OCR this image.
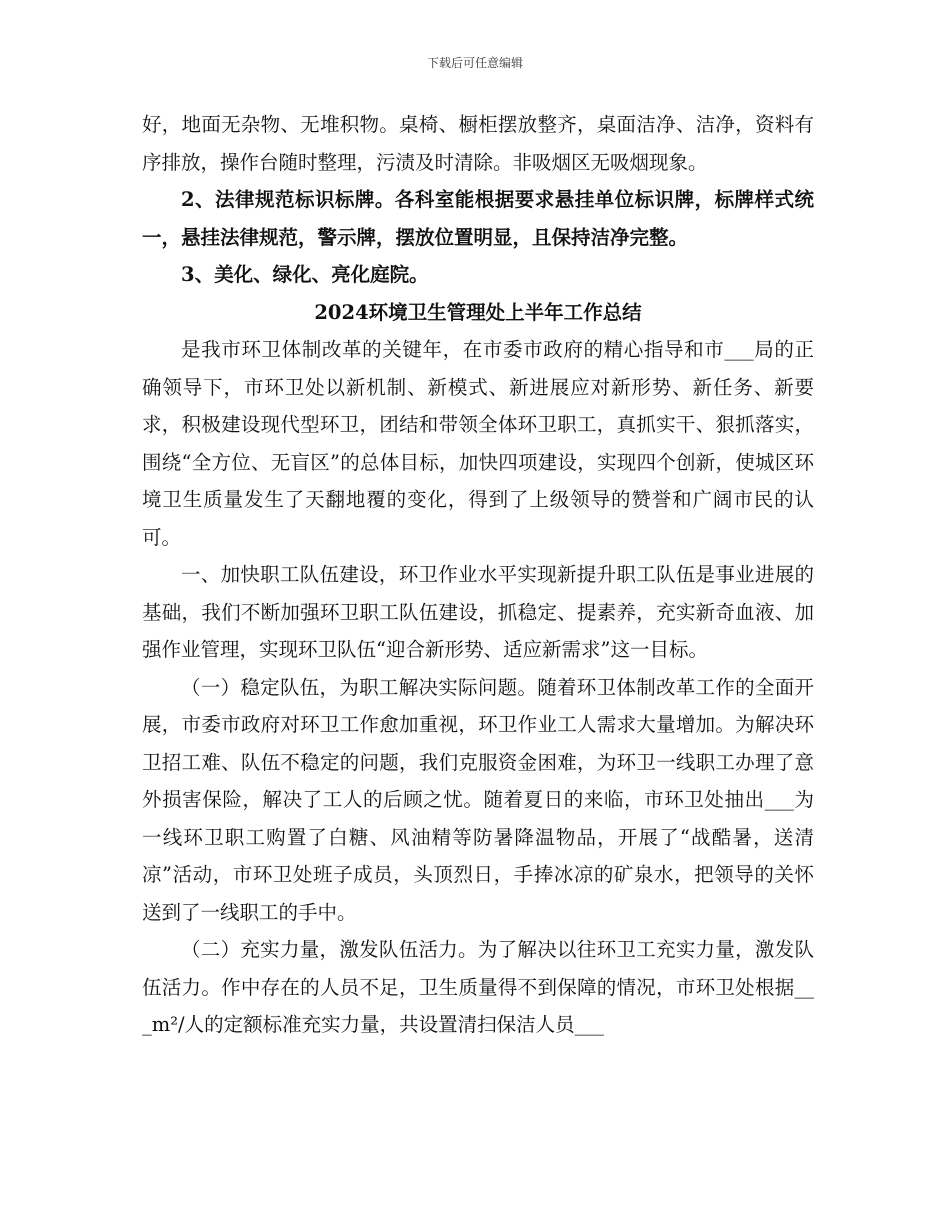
下载后可任意编辑

好，地面无杂物、无堆积物。桌椅、橱柜摆放整齐，桌面洁净、洁净，资料有序排放，操作台随时整理，污渍及时清除。非吸烟区无吸烟现象。

2、法律规范标识标牌。各科室能根据要求悬挂单位标识牌，标牌样式统一，悬挂法律规范，警示牌，摆放位置明显，且保持洁净完整。

3、美化、绿化、亮化庭院。

2024环境卫生管理处上半年工作总结

是我市环卫体制改革的关键年，在市委市政府的精心指导和市___局的正确领导下，市环卫处以新机制、新模式、新进展应对新形势、新任务、新要求，积极建设现代型环卫，团结和带领全体环卫职工，真抓实干、狠抓落实，围绕“全方位、无盲区”的总体目标，加快四项建设，实现四个创新，使城区环境卫生质量发生了天翻地覆的变化，得到了上级领导的赞誉和广阔市民的认可。

一、加快职工队伍建设，环卫作业水平实现新提升职工队伍是事业进展的基础，我们不断加强环卫职工队伍建设，抓稳定、提素养，充实新奇血液、加强作业管理，实现环卫队伍“迎合新形势、适应新需求”这一目标。

（一）稳定队伍，为职工解决实际问题。随着环卫体制改革工作的全面开展，市委市政府对环卫工作愈加重视，环卫作业工人需求大量增加。为解决环卫招工难、队伍不稳定的问题，我们克服资金困难，为环卫一线职工办理了意外损害保险，解决了工人的后顾之忧。随着夏日的来临，市环卫处抽出___为一线环卫职工购置了白糖、风油精等防暑降温物品，开展了“战酷暑，送清凉”活动，市环卫处班子成员，头顶烈日，手捧冰凉的矿泉水，把领导的关怀送到了一线职工的手中。

（二）充实力量，激发队伍活力。为了解决以往环卫工充实力量，激发队伍活力。作中存在的人员不足，卫生质量得不到保障的情况，市环卫处根据___m²/人的定额标准充实力量，共设置清扫保洁人员___
